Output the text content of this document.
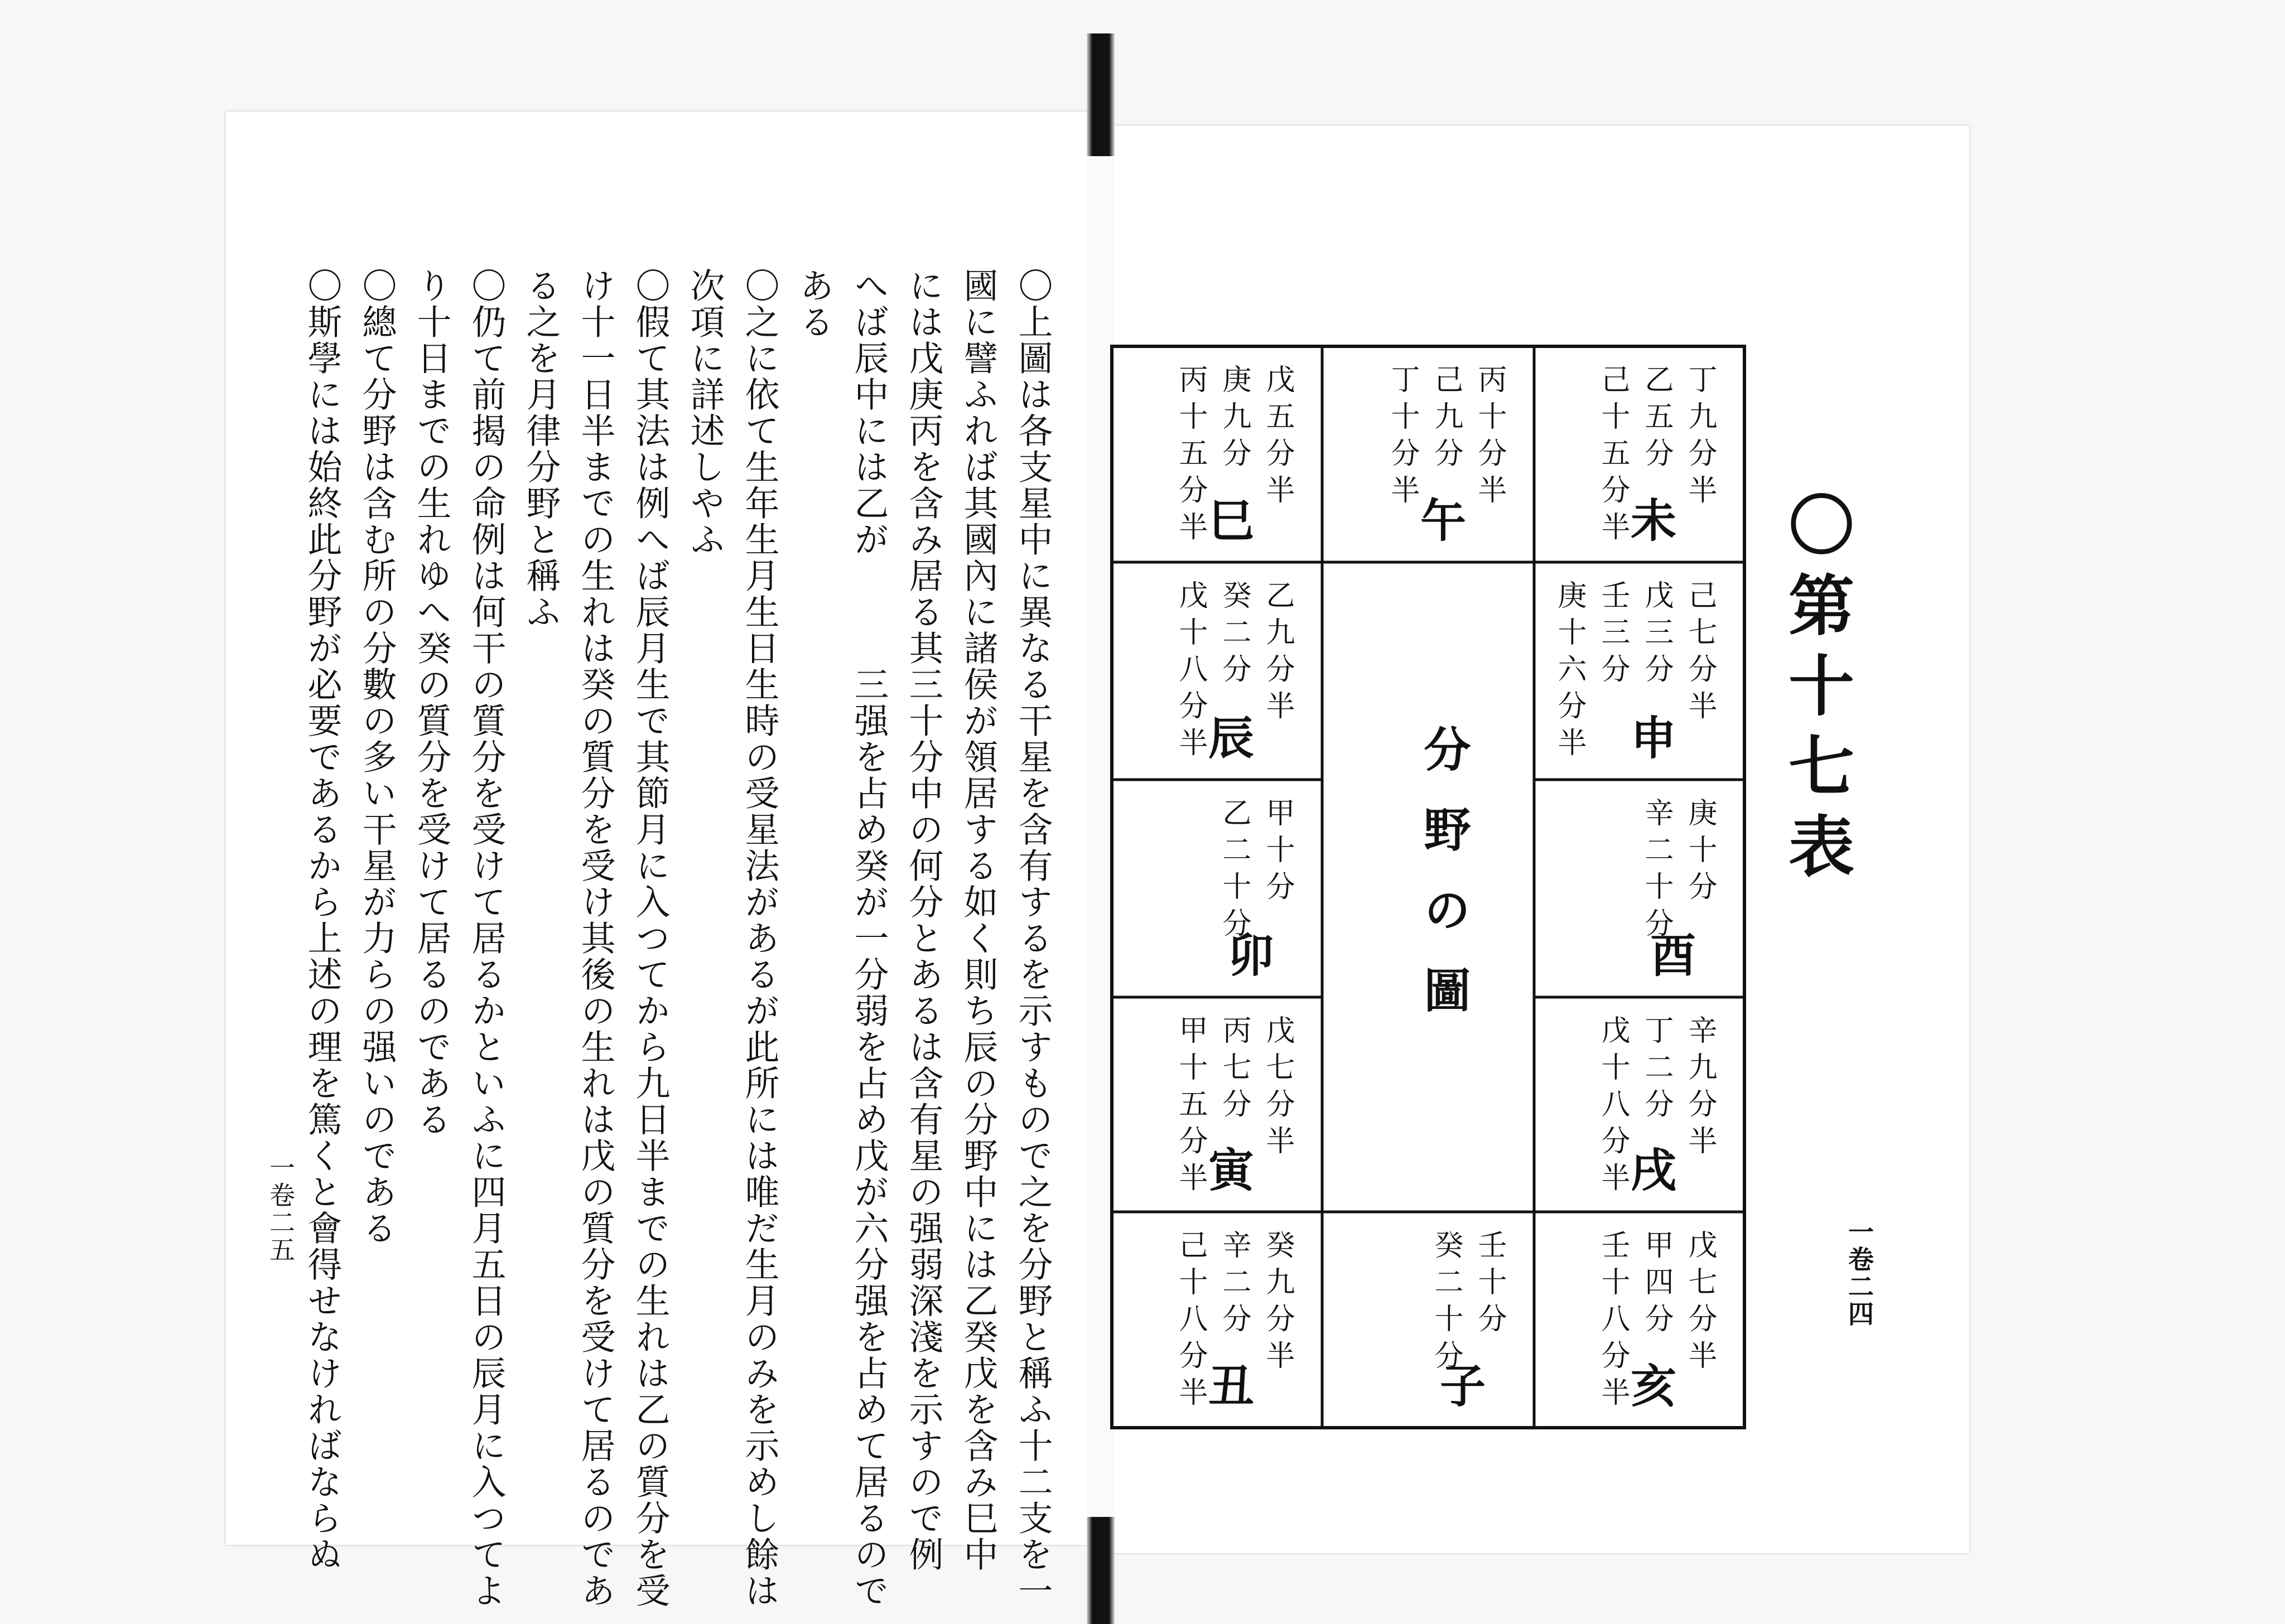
〇上圖は各支星中に異なる干星を含有するを示すもので之を分野と稱ふ十二支を一
國に譬ふれば其國內に諸侯が領居する如く則ち辰の分野中には乙癸戊を含み巳中
には戊庚丙を含み居る其三十分中の何分とあるは含有星の强弱深淺を示すので例
へば辰中には乙が　　　三强を占め癸が一分弱を占め戊が六分强を占めて居るので
ある
〇之に依て生年生月生日生時の受星法があるが此所には唯だ生月のみを示めし餘は
次項に詳述しやふ
〇假て其法は例へば辰月生で其節月に入つてから九日半までの生れは乙の質分を受
け十一日半までの生れは癸の質分を受け其後の生れは戊の質分を受けて居るのであ
る之を月律分野と稱ふ
〇仍て前揭の命例は何干の質分を受けて居るかといふに四月五日の辰月に入つてよ
り十日までの生れゆへ癸の質分を受けて居るのである
〇總て分野は含む所の分數の多い干星が力らの强いのである
〇斯學には始終此分野が必要であるから上述の理を篤くと會得せなければならぬ
一卷二五
〇第十七表
一卷二四
分野の圖
丁九分半
乙五分
己十五分半 未
丙十分半
己九分
丁十分半
午
戊五分半
庚九分
丙十五分半 巳
己七分半
戊三分
壬三分
庚十六分半 申
乙九分半
癸二分
戊十八分半 辰
庚十分
辛二十分
酉
甲十分
乙二十分
卯
辛九分半
丁二分
戊十八分半 戌
戊七分半
丙七分
甲十五分半 寅
戊七分半
甲四分
壬十八分半 亥
壬十分
癸二十分
子
癸九分半
辛二分
己十八分半 丑
